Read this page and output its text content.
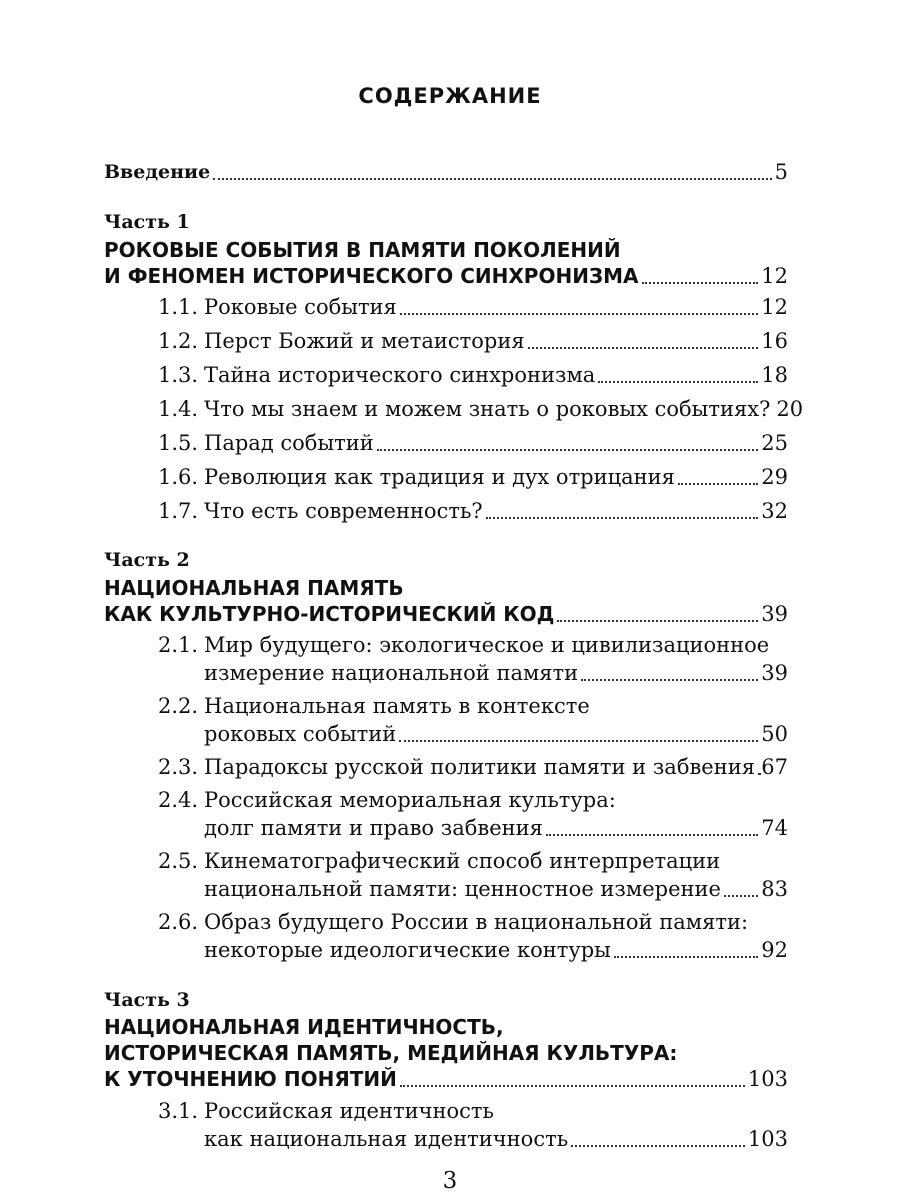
СОДЕРЖАНИЕ
Введение	5
Часть 1
РОКОВЫЕ СОБЫТИЯ В ПАМЯТИ ПОКОЛЕНИЙ
И ФЕНОМЕН ИСТОРИЧЕСКОГО СИНХРОНИЗМА	12
1.1. Роковые события	12
1.2. Перст Божий и метаистория	16
1.3. Тайна исторического синхронизма	18
1.4. Что мы знаем и можем знать о роковых событиях? 20
1.5. Парад событий	25
1.6. Революция как традиция и дух отрицания	29
1.7. Что есть современность?	32
Часть 2
НАЦИОНАЛЬНАЯ ПАМЯТЬ
КАК КУЛЬТУРНО-ИСТОРИЧЕСКИЙ КОД	39
2.1. Мир будущего: экологическое и цивилизационное
измерение национальной памяти	39
2.2. Национальная память в контексте
роковых событий	50
2.3. Парадоксы русской политики памяти и забвения 67
2.4. Российская мемориальная культура:
долг памяти и право забвения	74
2.5. Кинематографический способ интерпретации
национальной памяти: ценностное измерение 83
2.6. Образ будущего России в национальной памяти:
некоторые идеологические контуры	92
Часть 3
НАЦИОНАЛЬНАЯ ИДЕНТИЧНОСТЬ,
ИСТОРИЧЕСКАЯ ПАМЯТЬ, МЕДИЙНАЯ КУЛЬТУРА:
К УТОЧНЕНИЮ ПОНЯТИЙ	103
3.1. Российская идентичность
как национальная идентичность	103
3
